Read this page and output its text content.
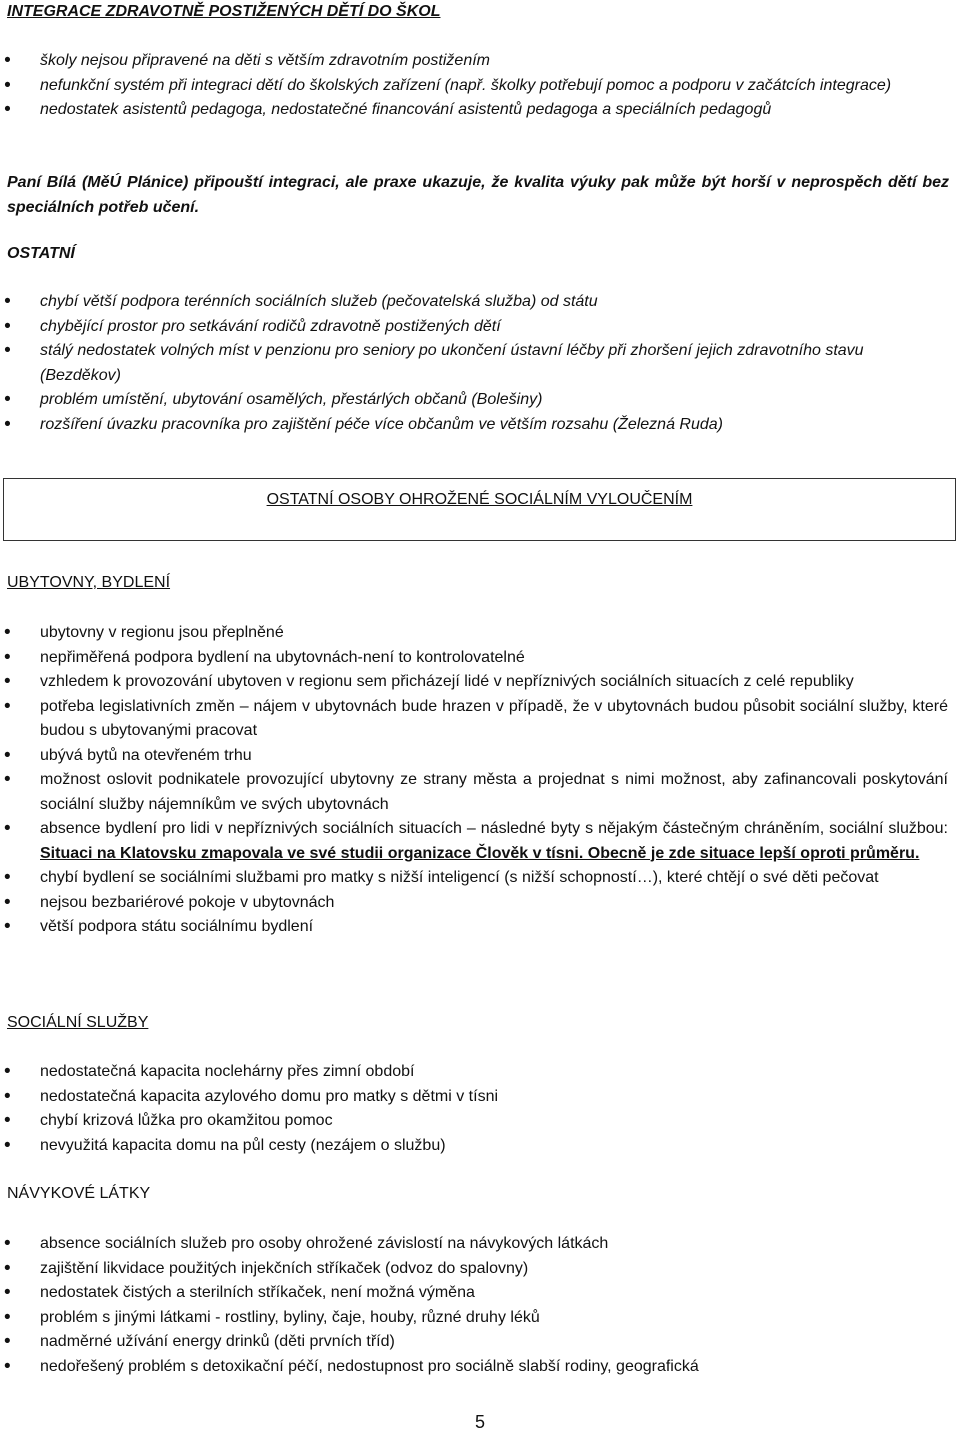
INTEGRACE ZDRAVOTNĚ POSTIŽENÝCH DĚTÍ DO ŠKOL
• školy nejsou připravené na děti s větším zdravotním postižením
• nefunkční systém při integraci dětí do školských zařízení (např. školky potřebují pomoc a podporu v začátcích integrace)
• nedostatek asistentů pedagoga, nedostatečné financování asistentů pedagoga a speciálních pedagogů
Paní Bílá (MěÚ Plánice) připouští integraci, ale praxe ukazuje, že kvalita výuky pak může být horší v neprospěch dětí bez speciálních potřeb učení.
OSTATNÍ
• chybí větší podpora terénních sociálních služeb (pečovatelská služba) od státu
• chybějící prostor pro setkávání rodičů zdravotně postižených dětí
• stálý nedostatek volných míst v penzionu pro seniory po ukončení ústavní léčby při zhoršení jejich zdravotního stavu (Bezděkov)
• problém umístění, ubytování osamělých, přestárlých občanů (Bolešiny)
• rozšíření úvazku pracovníka pro zajištění péče více občanům ve větším rozsahu (Železná Ruda)
OSTATNÍ OSOBY OHROŽENÉ SOCIÁLNÍM VYLOUČENÍM
UBYTOVNY, BYDLENÍ
• ubytovny v regionu jsou přeplněné
• nepřiměřená podpora bydlení na ubytovnách-není to kontrolovatelné
• vzhledem k provozování ubytoven v regionu sem přicházejí lidé v nepříznivých sociálních situacích z celé republiky
• potřeba legislativních změn – nájem v ubytovnách bude hrazen v případě, že v ubytovnách budou působit sociální služby, které budou s ubytovanými pracovat
• ubývá bytů na otevřeném trhu
• možnost oslovit podnikatele provozující ubytovny ze strany města a projednat s nimi možnost, aby zafinancovali poskytování sociální služby nájemníkům ve svých ubytovnách
• absence bydlení pro lidi v nepříznivých sociálních situacích – následné byty s nějakým částečným chráněním, sociální službou: Situaci na Klatovsku zmapovala ve své studii organizace Člověk v tísni. Obecně je zde situace lepší oproti průměru.
• chybí bydlení se sociálními službami pro matky s nižší inteligencí (s nižší schopností…), které chtějí o své děti pečovat
• nejsou bezbariérové pokoje v ubytovnách
• větší podpora státu sociálnímu bydlení
SOCIÁLNÍ SLUŽBY
• nedostatečná kapacita noclehárny přes zimní období
• nedostatečná kapacita azylového domu pro matky s dětmi v tísni
• chybí krizová lůžka pro okamžitou pomoc
• nevyužitá kapacita domu na půl cesty (nezájem o službu)
NÁVYKOVÉ LÁTKY
• absence sociálních služeb pro osoby ohrožené závislostí na návykových látkách
• zajištění likvidace použitých injekčních stříkaček (odvoz do spalovny)
• nedostatek čistých a sterilních stříkaček, není možná výměna
• problém s jinými látkami - rostliny, byliny, čaje, houby, různé druhy léků
• nadměrné užívání energy drinků (děti prvních tříd)
• nedořešený problém s detoxikační péčí, nedostupnost pro sociálně slabší rodiny, geografická
5
